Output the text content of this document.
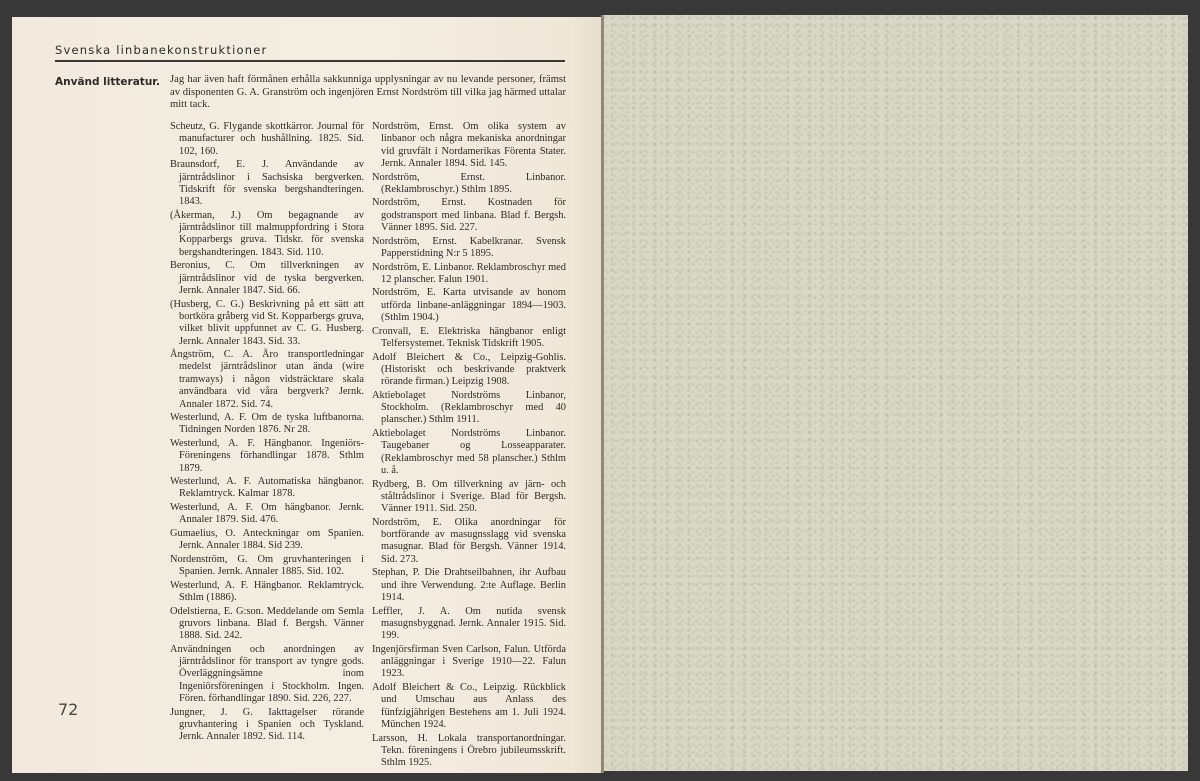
Svenska linbanekonstruktioner
Använd litteratur. Jag har även haft förmånen erhålla sakkunniga upplysningar av nu levande personer, främst av disponenten G. A. Granström och ingenjören Ernst Nordström till vilka jag härmed uttalar mitt tack.

Scheutz, G. Flygande skottkärror. Journal för manufacturer och hushållning. 1825. Sid. 102, 160.

Braunsdorf, E. J. Användande av järntrådslinor i Sachsiska bergverken. Tidskrift för svenska bergshandteringen. 1843.

(Åkerman, J.) Om begagnande av järntrådslinor till malmuppfordring i Stora Kopparbergs gruva. Tidskr. för svenska bergshandteringen. 1843. Sid. 110.

Beronius, C. Om tillverkningen av järntrådslinor vid de tyska bergverken. Jernk. Annaler 1847. Sid. 66.

(Husberg, C. G.) Beskrivning på ett sätt att bortköra gråberg vid St. Kopparbergs gruva, vilket blivit uppfunnet av C. G. Husberg. Jernk. Annaler 1843. Sid. 33.

Ångström, C. A. Äro transportledningar medelst järntrådslinor utan ända (wire tramways) i någon vidsträcktare skala användbara vid våra bergverk? Jernk. Annaler 1872. Sid. 74.

Westerlund, A. F. Om de tyska luftbanorna. Tidningen Norden 1876. Nr 28.

Westerlund, A. F. Hängbanor. Ingeniörs-Föreningens förhandlingar 1878. Sthlm 1879.

Westerlund, A. F. Automatiska hängbanor. Reklamtryck. Kalmar 1878.

Westerlund, A. F. Om hängbanor. Jernk. Annaler 1879. Sid. 476.

Gumaelius, O. Anteckningar om Spanien. Jernk. Annaler 1884. Sid 239.

Nordenström, G. Om gruvhanteringen i Spanien. Jernk. Annaler 1885. Sid. 102.

Westerlund, A. F. Hängbanor. Reklamtryck. Sthlm (1886).

Odelstierna, E. G:son. Meddelande om Semla gruvors linbana. Blad f. Bergsh. Vänner 1888. Sid. 242.

Användningen och anordningen av järntrådslinor för transport av tyngre gods. Överläggningsämne inom Ingeniörsföreningen i Stockholm. Ingen. Fören. förhandlingar 1890. Sid. 226, 227.

Jungner, J. G. Iakttagelser rörande gruvhantering i Spanien och Tyskland. Jernk. Annaler 1892. Sid. 114.

Nordström, Ernst. Om olika system av linbanor och några mekaniska anordningar vid gruvfält i Nordamerikas Förenta Stater. Jernk. Annaler 1894. Sid. 145.

Nordström, Ernst. Linbanor. (Reklambroschyr.) Sthlm 1895.

Nordström, Ernst. Kostnaden för godstransport med linbana. Blad f. Bergsh. Vänner 1895. Sid. 227.

Nordström, Ernst. Kabelkranar. Svensk Papperstidning N:r 5 1895.

Nordström, E. Linbanor. Reklambroschyr med 12 planscher. Falun 1901.

Nordström, E. Karta utvisande av honom utförda linbane-anläggningar 1894—1903. (Sthlm 1904.)

Cronvall, E. Elektriska hängbanor enligt Telfersystemet. Teknisk Tidskrift 1905.

Adolf Bleichert & Co., Leipzig-Gohlis. (Historiskt och beskrivande praktverk rörande firman.) Leipzig 1908.

Aktiebolaget Nordströms Linbanor, Stockholm. (Reklambroschyr med 40 planscher.) Sthlm 1911.

Aktiebolaget Nordströms Linbanor. Taugebaner og Losseapparater. (Reklambroschyr med 58 planscher.) Sthlm u. å.

Rydberg, B. Om tillverkning av järn- och ståltrådslinor i Sverige. Blad för Bergsh. Vänner 1911. Sid. 250.

Nordström, E. Olika anordningar för bortförande av masugnsslagg vid svenska masugnar. Blad för Bergsh. Vänner 1914. Sid. 273.

Stephan, P. Die Drahtseilbahnen, ihr Aufbau und ihre Verwendung. 2:te Auflage. Berlin 1914.

Leffler, J. A. Om nutida svensk masugnsbyggnad. Jernk. Annaler 1915. Sid. 199.

Ingenjörsfirman Sven Carlson, Falun. Utförda anläggningar i Sverige 1910—22. Falun 1923.

Adolf Bleichert & Co., Leipzig. Rückblick und Umschau aus Anlass des fünfzigjährigen Bestehens am 1. Juli 1924. München 1924.

Larsson, H. Lokala transportanordningar. Tekn. föreningens i Örebro jubileumsskrift. Sthlm 1925.

72
